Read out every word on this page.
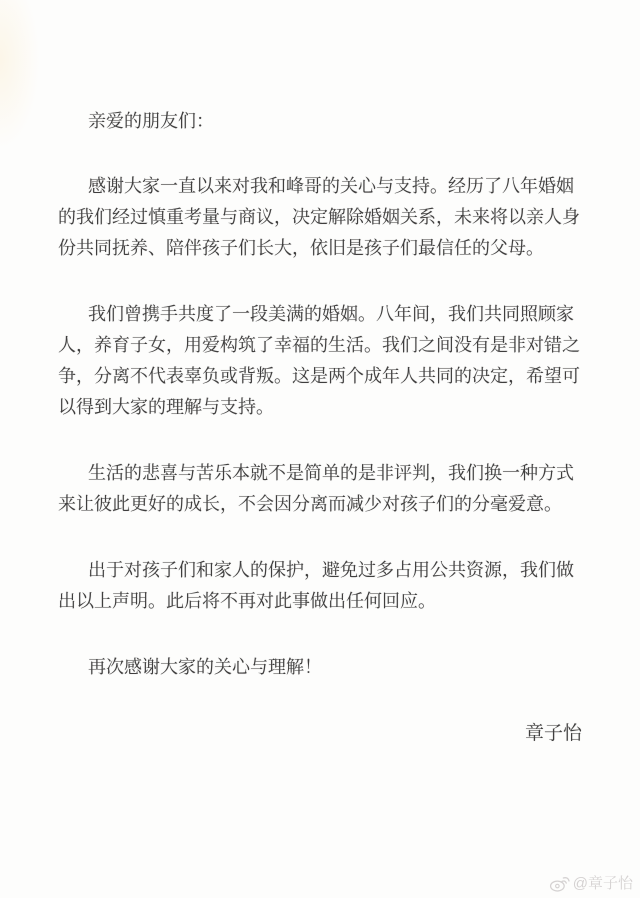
亲爱的朋友们：
感谢大家一直以来对我和峰哥的关心与支持。经历了八年婚姻
的我们经过慎重考量与商议，决定解除婚姻关系，未来将以亲人身
份共同抚养、陪伴孩子们长大，依旧是孩子们最信任的父母。
我们曾携手共度了一段美满的婚姻。八年间，我们共同照顾家
人，养育子女，用爱构筑了幸福的生活。我们之间没有是非对错之
争，分离不代表辜负或背叛。这是两个成年人共同的决定，希望可
以得到大家的理解与支持。
生活的悲喜与苦乐本就不是简单的是非评判，我们换一种方式
来让彼此更好的成长，不会因分离而减少对孩子们的分毫爱意。
出于对孩子们和家人的保护，避免过多占用公共资源，我们做
出以上声明。此后将不再对此事做出任何回应。
再次感谢大家的关心与理解！
章子怡
@章子怡
